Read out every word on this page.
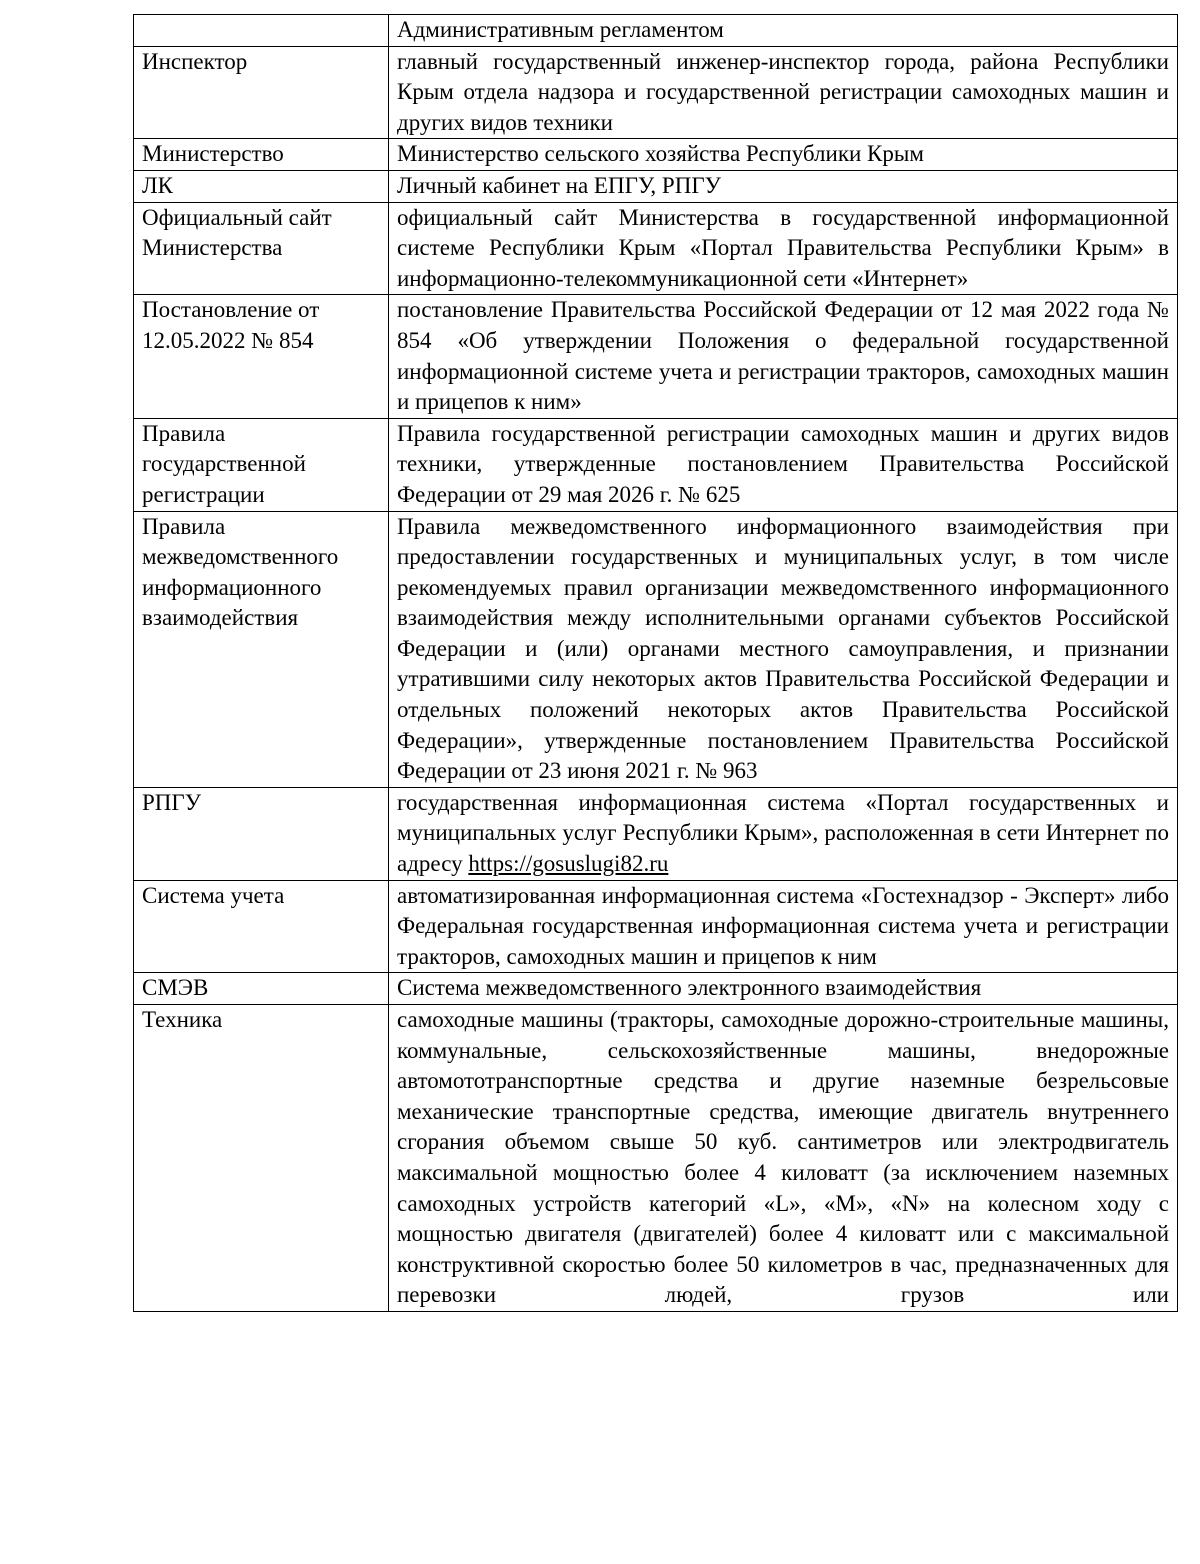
	Административным регламентом
Инспектор	главный государственный инженер-инспектор города, района Республики Крым отдела надзора и государственной регистрации самоходных машин и других видов техники
Министерство	Министерство сельского хозяйства Республики Крым
ЛК	Личный кабинет на ЕПГУ, РПГУ
Официальный сайт Министерства	официальный сайт Министерства в государственной информационной системе Республики Крым «Портал Правительства Республики Крым» в информационно-телекоммуникационной сети «Интернет»
Постановление от 12.05.2022 № 854	постановление Правительства Российской Федерации от 12 мая 2022 года № 854 «Об утверждении Положения о федеральной государственной информационной системе учета и регистрации тракторов, самоходных машин и прицепов к ним»
Правила государственной регистрации	Правила государственной регистрации самоходных машин и других видов техники, утвержденные постановлением Правительства Российской Федерации от 29 мая 2026 г. № 625
Правила межведомственного информационного взаимодействия	Правила межведомственного информационного взаимодействия при предоставлении государственных и муниципальных услуг, в том числе рекомендуемых правил организации межведомственного информационного взаимодействия между исполнительными органами субъектов Российской Федерации и (или) органами местного самоуправления, и признании утратившими силу некоторых актов Правительства Российской Федерации и отдельных положений некоторых актов Правительства Российской Федерации», утвержденные постановлением Правительства Российской Федерации от 23 июня 2021 г. № 963
РПГУ	государственная информационная система «Портал государственных и муниципальных услуг Республики Крым», расположенная в сети Интернет по адресу https://gosuslugi82.ru
Система учета	автоматизированная информационная система «Гостехнадзор - Эксперт» либо Федеральная государственная информационная система учета и регистрации тракторов, самоходных машин и прицепов к ним
СМЭВ	Система межведомственного электронного взаимодействия
Техника	самоходные машины (тракторы, самоходные дорожно-строительные машины, коммунальные, сельскохозяйственные машины, внедорожные автомототранспортные средства и другие наземные безрельсовые механические транспортные средства, имеющие двигатель внутреннего сгорания объемом свыше 50 куб. сантиметров или электродвигатель максимальной мощностью более 4 киловатт (за исключением наземных самоходных устройств категорий «L», «M», «N» на колесном ходу с мощностью двигателя (двигателей) более 4 киловатт или с максимальной конструктивной скоростью более 50 километров в час, предназначенных для перевозки людей, грузов или
